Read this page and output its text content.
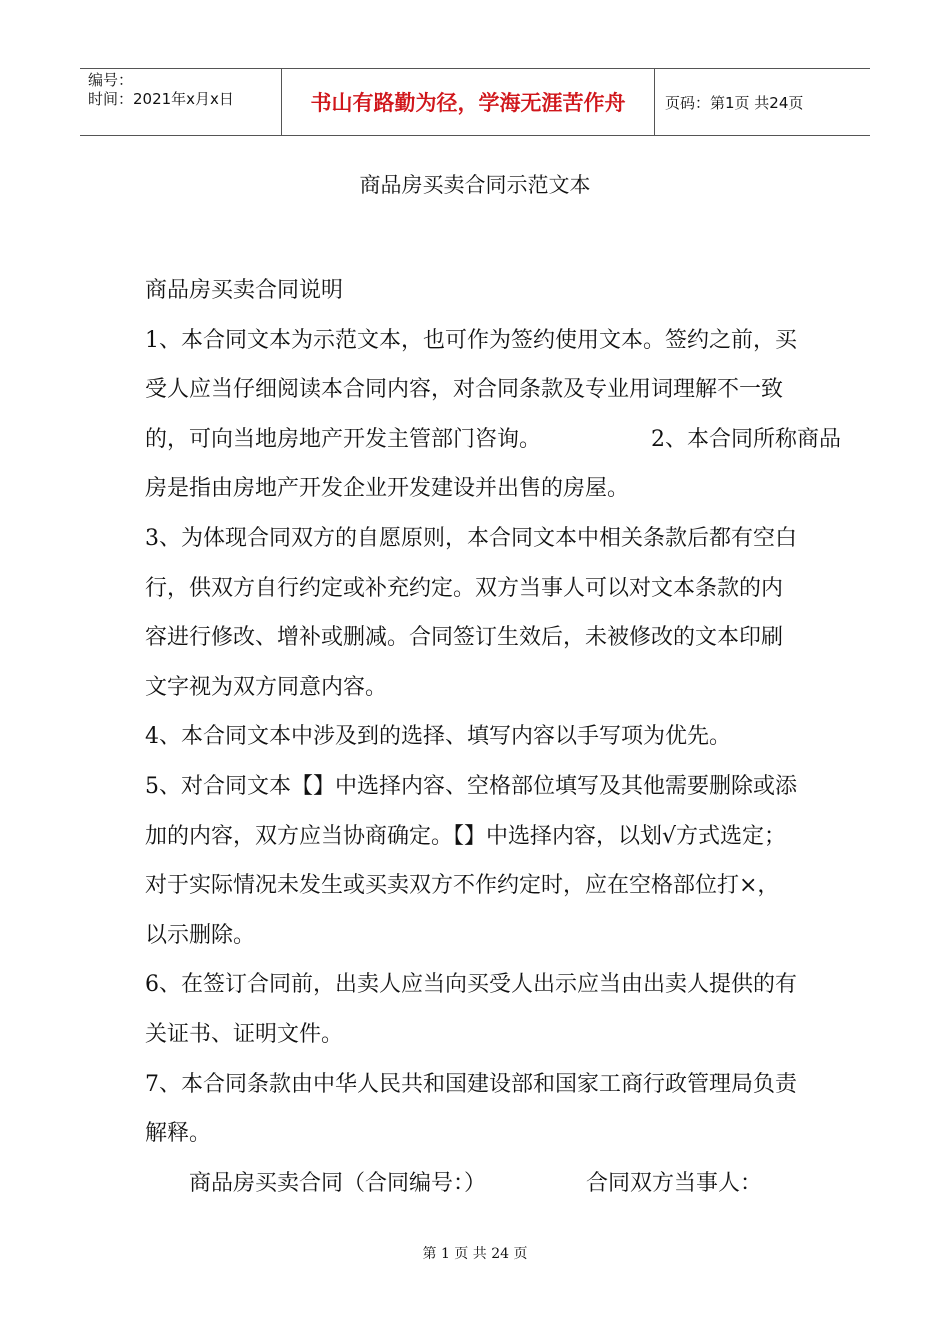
编号：
时间：2021年x月x日	书山有路勤为径，学海无涯苦作舟	页码：第1页 共24页
商品房买卖合同示范文本

商品房买卖合同说明

1、本合同文本为示范文本，也可作为签约使用文本。签约之前，买

受人应当仔细阅读本合同内容，对合同条款及专业用词理解不一致

的，可向当地房地产开发主管部门咨询。	2、本合同所称商品

房是指由房地产开发企业开发建设并出售的房屋。

3、为体现合同双方的自愿原则，本合同文本中相关条款后都有空白

行，供双方自行约定或补充约定。双方当事人可以对文本条款的内

容进行修改、增补或删减。合同签订生效后，未被修改的文本印刷

文字视为双方同意内容。

4、本合同文本中涉及到的选择、填写内容以手写项为优先。

5、对合同文本【】中选择内容、空格部位填写及其他需要删除或添

加的内容，双方应当协商确定。【】中选择内容，以划√方式选定；

对于实际情况未发生或买卖双方不作约定时，应在空格部位打×，

以示删除。

6、在签订合同前，出卖人应当向买受人出示应当由出卖人提供的有

关证书、证明文件。

7、本合同条款由中华人民共和国建设部和国家工商行政管理局负责

解释。

商品房买卖合同（合同编号：）	合同双方当事人：

第 1 页 共 24 页
